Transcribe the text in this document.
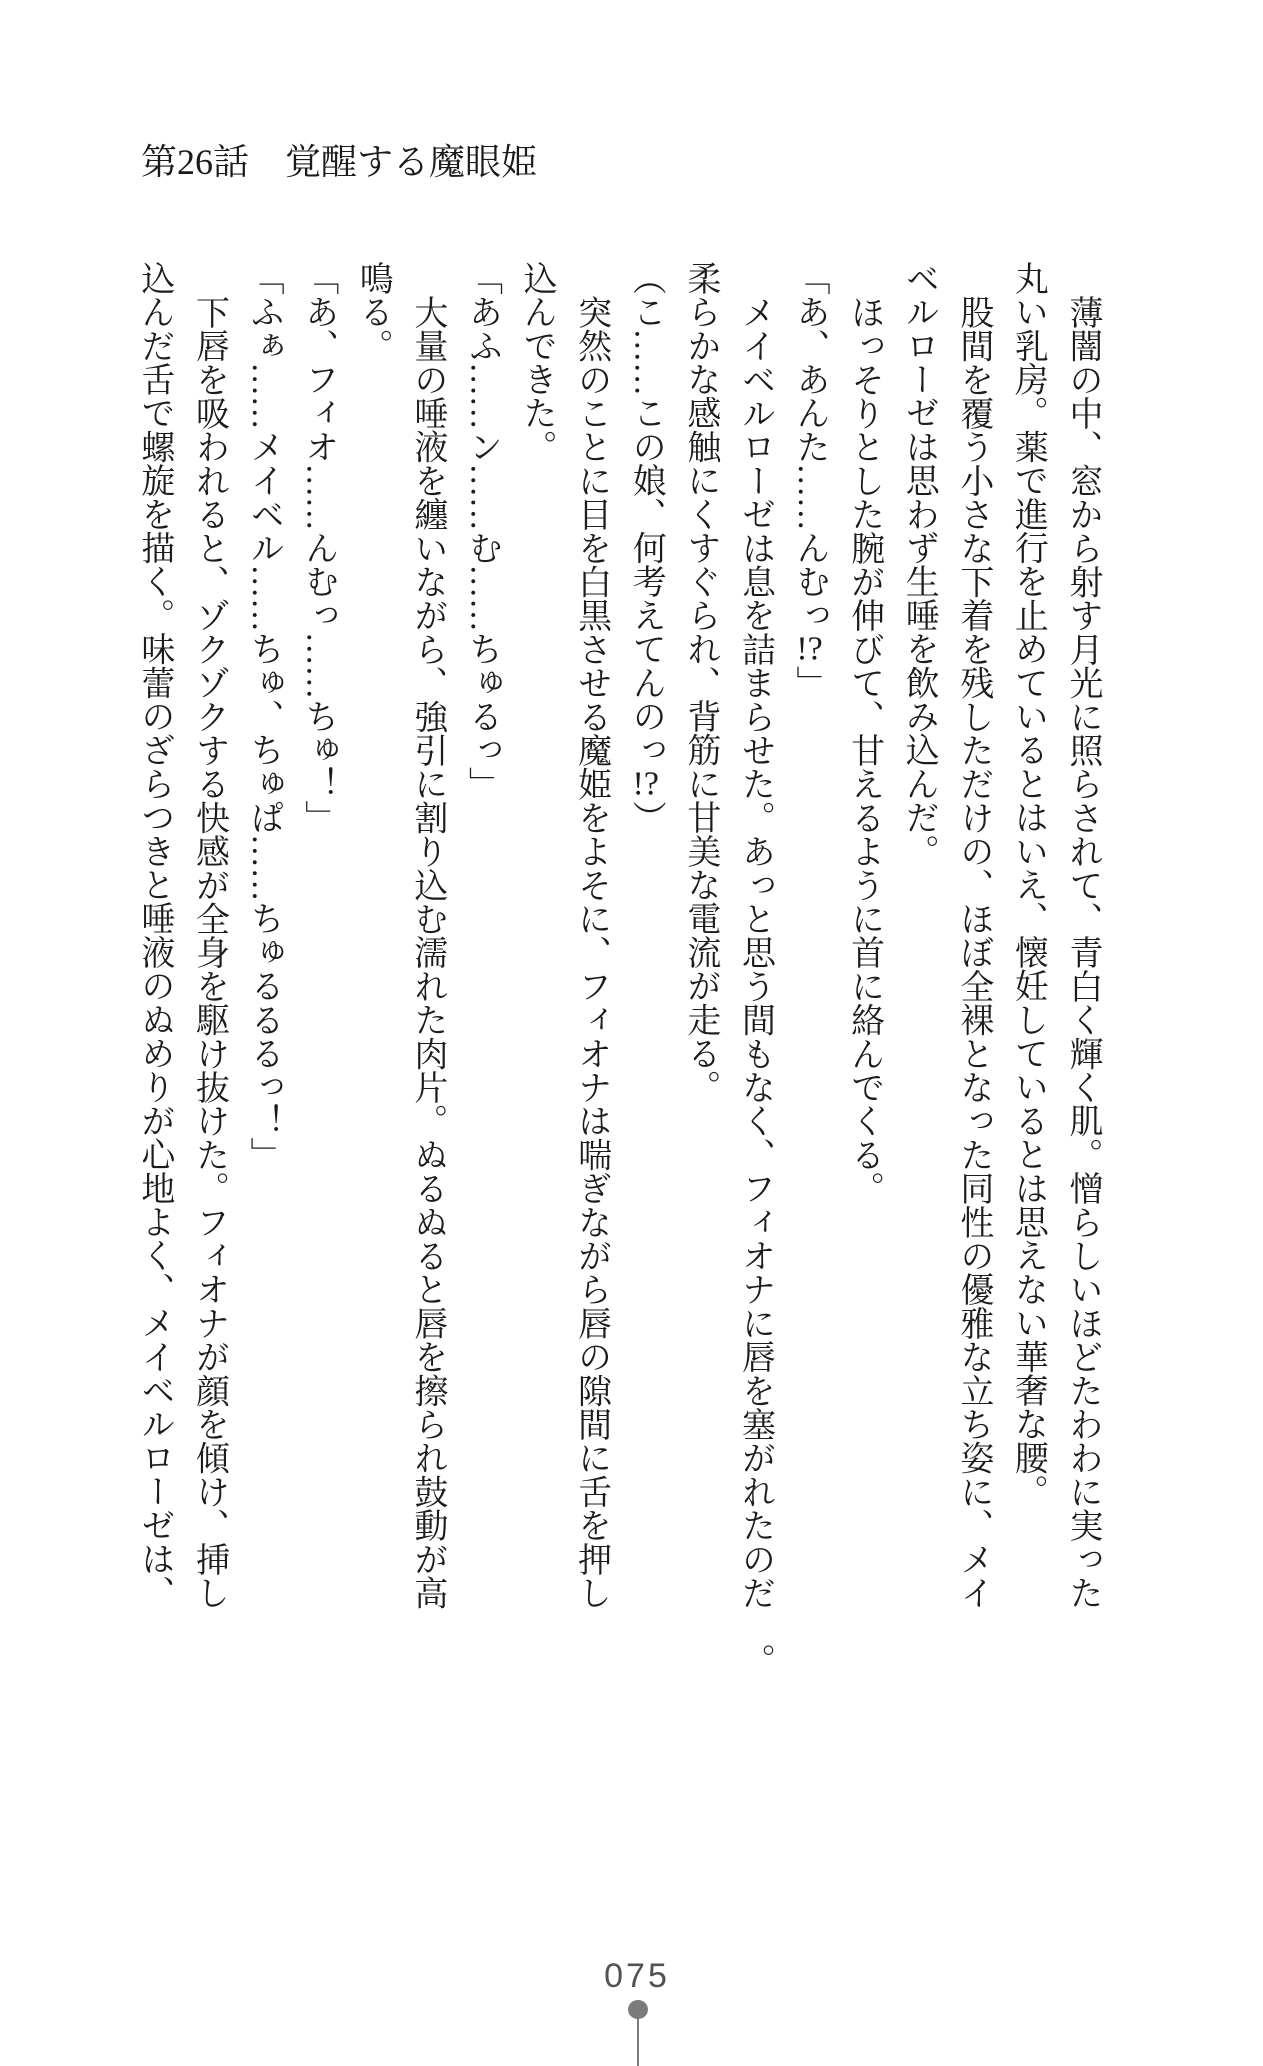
第26話　覚醒する魔眼姫

薄闇の中、窓から射す月光に照らされて、青白く輝く肌。憎らしいほどたわわに実った丸い乳房。薬で進行を止めているとはいえ、懐妊しているとは思えない華奢な腰。

股間を覆う小さな下着を残しただけの、ほぼ全裸となった同性の優雅な立ち姿に、メイベルローゼは思わず生唾を飲み込んだ。

ほっそりとした腕が伸びて、甘えるように首に絡んでくる。

「あ、あんた……んむっ!?」

メイベルローゼは息を詰まらせた。あっと思う間もなく、フィオナに唇を塞がれたのだ。柔らかな感触にくすぐられ、背筋に甘美な電流が走る。

（こ……この娘、何考えてんのっ!?）

突然のことに目を白黒させる魔姫をよそに、フィオナは喘ぎながら唇の隙間に舌を押し込んできた。

「あふ……ン……む……ちゅるっ」

大量の唾液を纏いながら、強引に割り込む濡れた肉片。ぬるぬると唇を擦られ鼓動が高鳴る。

「あ、フィオ……んむっ……ちゅ！」

「ふぁ……メイベル……ちゅ、ちゅぱ……ちゅるるるっ！」

下唇を吸われると、ゾクゾクする快感が全身を駆け抜けた。フィオナが顔を傾け、挿し込んだ舌で螺旋を描く。味蕾のざらつきと唾液のぬめりが心地よく、メイベルローゼは、

075
